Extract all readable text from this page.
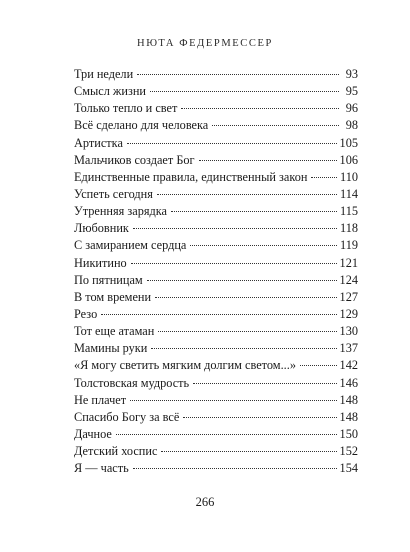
НЮТА ФЕДЕРМЕССЕР
Три недели	93
Смысл жизни	95
Только тепло и свет	96
Всё сделано для человека	98
Артистка	105
Мальчиков создает Бог	106
Единственные правила, единственный закон	110
Успеть сегодня	114
Утренняя зарядка	115
Любовник	118
С замиранием сердца	119
Никитино	121
По пятницам	124
В том времени	127
Резо	129
Тот еще атаман	130
Мамины руки	137
«Я могу светить мягким долгим светом...»	142
Толстовская мудрость	146
Не плачет	148
Спасибо Богу за всё	148
Дачное	150
Детский хоспис	152
Я — часть	154
266
